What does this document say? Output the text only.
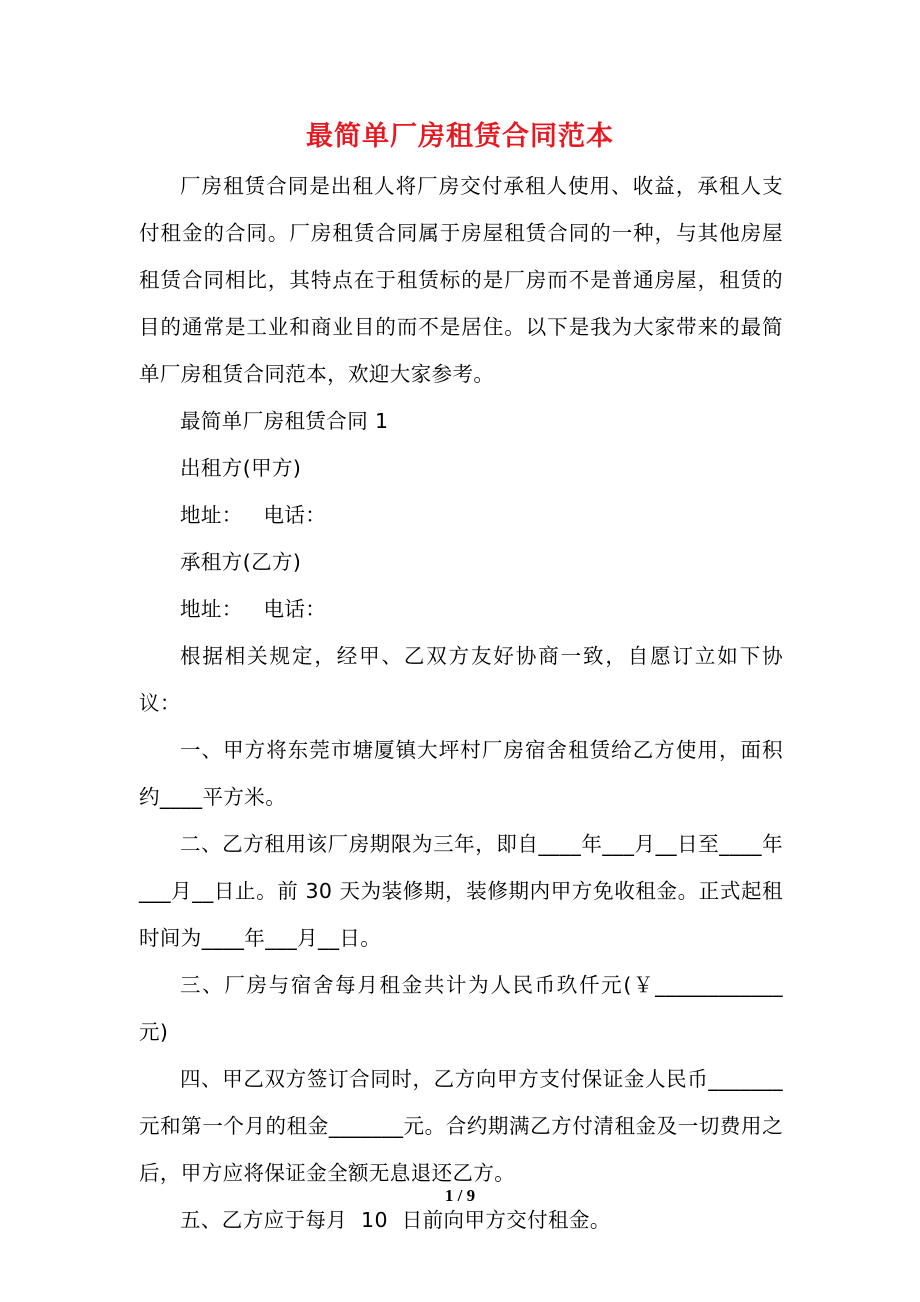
最简单厂房租赁合同范本

厂房租赁合同是出租人将厂房交付承租人使用、收益，承租人支付租金的合同。厂房租赁合同属于房屋租赁合同的一种，与其他房屋租赁合同相比，其特点在于租赁标的是厂房而不是普通房屋，租赁的目的通常是工业和商业目的而不是居住。以下是我为大家带来的最简单厂房租赁合同范本，欢迎大家参考。

最简单厂房租赁合同 1

出租方(甲方)

地址：   电话：

承租方(乙方)

地址：   电话：

根据相关规定，经甲、乙双方友好协商一致，自愿订立如下协议：

一、甲方将东莞市塘厦镇大坪村厂房宿舍租赁给乙方使用，面积约____平方米。

二、乙方租用该厂房期限为三年，即自____年___月__日至____年___月__日止。前 30 天为装修期，装修期内甲方免收租金。正式起租时间为____年___月__日。

三、厂房与宿舍每月租金共计为人民币玖仟元(￥____________元)

四、甲乙双方签订合同时，乙方向甲方支付保证金人民币_______元和第一个月的租金_______元。合约期满乙方付清租金及一切费用之后，甲方应将保证金全额无息退还乙方。

五、乙方应于每月  10  日前向甲方交付租金。

1 / 9
